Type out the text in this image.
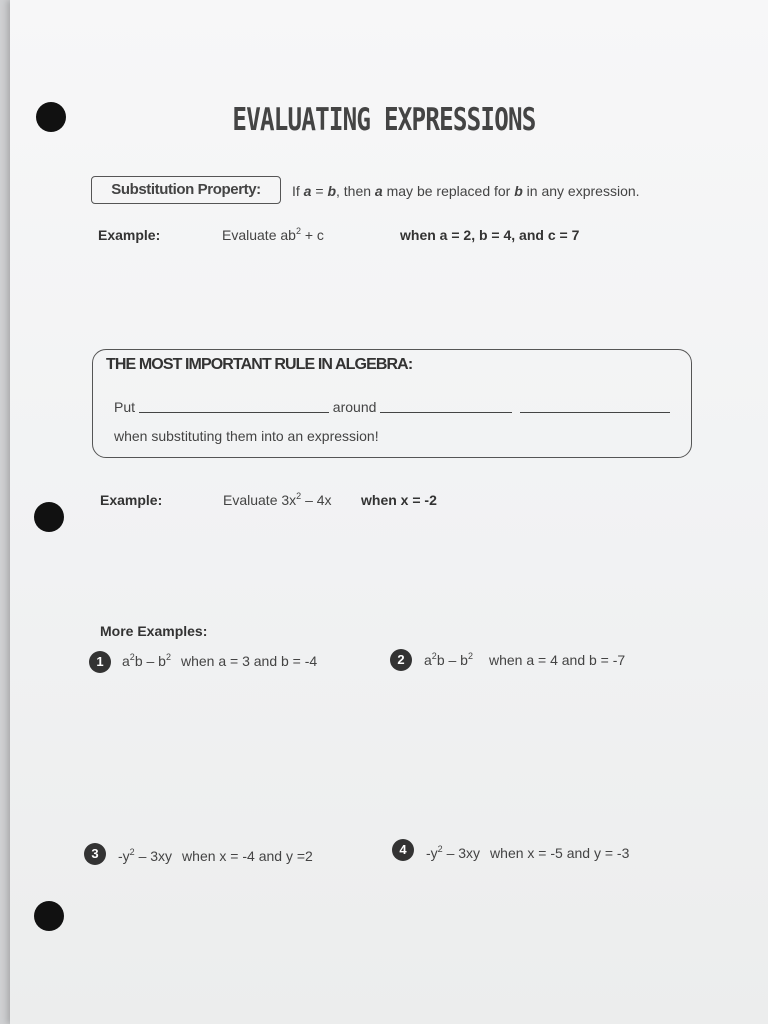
EVALUATING EXPRESSIONS
Substitution Property:	If a = b, then a may be replaced for b in any expression.
Example:	Evaluate $ab^2 + c$	when a = 2, b = 4, and c = 7
THE MOST IMPORTANT RULE IN ALGEBRA:
Put	around
when substituting them into an expression!
Example:	Evaluate $3x^2 - 4x$ when x = -2
More Examples:
1	$a^2b - b^2$ when a = 3 and b = -4	2	$a^2b - b^2$ when a = 4 and b = -7
3	$-y^2 - 3xy$ when x = -4 and y =2	4	$-y^2 - 3xy$ when x = -5 and y = -3
